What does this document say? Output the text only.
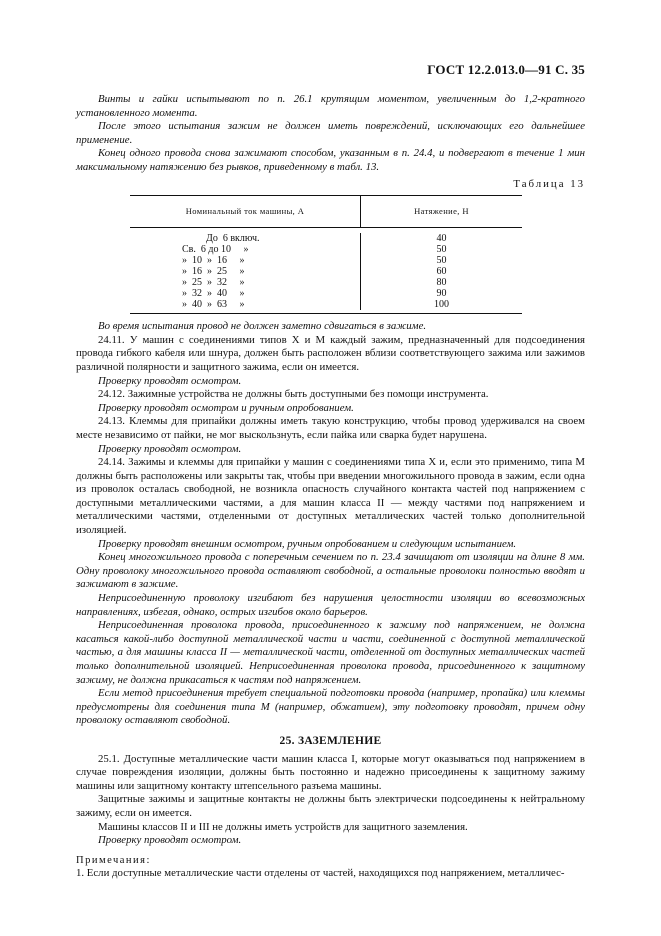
ГОСТ 12.2.013.0—91 С. 35

Винты и гайки испытывают по п. 26.1 крутящим моментом, увеличенным до 1,2-кратного установленного момента.

После этого испытания зажим не должен иметь повреждений, исключающих его дальнейшее применение.

Конец одного провода снова зажимают способом, указанным в п. 24.4, и подвергают в течение 1 мин максимальному натяжению без рывков, приведенному в табл. 13.

Таблица 13
Номинальный ток машины, А	Натяжение, Н
До  6 включ.
Св.  6 до 10     »
»  10  »  16     »
»  16  »  25     »
»  25  »  32     »
»  32  »  40     »
»  40  »  63     »
40
50
50
60
80
90
100

Во время испытания провод не должен заметно сдвигаться в зажиме.

24.11. У машин с соединениями типов X и M каждый зажим, предназначенный для подсоединения провода гибкого кабеля или шнура, должен быть расположен вблизи соответствующего зажима или зажимов различной полярности и защитного зажима, если он имеется.

Проверку проводят осмотром.

24.12. Зажимные устройства не должны быть доступными без помощи инструмента.

Проверку проводят осмотром и ручным опробованием.

24.13. Клеммы для припайки должны иметь такую конструкцию, чтобы провод удерживался на своем месте независимо от пайки, не мог выскользнуть, если пайка или сварка будет нарушена.

Проверку проводят осмотром.

24.14. Зажимы и клеммы для припайки у машин с соединениями типа X и, если это применимо, типа M должны быть расположены или закрыты так, чтобы при введении многожильного провода в зажим, если одна из проволок осталась свободной, не возникла опасность случайного контакта частей под напряжением с доступными металлическими частями, а для машин класса II — между частями под напряжением и металлическими частями, отделенными от доступных металлических частей только дополнительной изоляцией.

Проверку проводят внешним осмотром, ручным опробованием и следующим испытанием.

Конец многожильного провода с поперечным сечением по п. 23.4 зачищают от изоляции на длине 8 мм. Одну проволоку многожильного провода оставляют свободной, а остальные проволоки полностью вводят и зажимают в зажиме.

Неприсоединенную проволоку изгибают без нарушения целостности изоляции во всевозможных направлениях, избегая, однако, острых изгибов около барьеров.

Неприсоединенная проволока провода, присоединенного к зажиму под напряжением, не должна касаться какой-либо доступной металлической части и части, соединенной с доступной металлической частью, а для машины класса II — металлической части, отделенной от доступных металлических частей только дополнительной изоляцией. Неприсоединенная проволока провода, присоединенного к защитному зажиму, не должна прикасаться к частям под напряжением.

Если метод присоединения требует специальной подготовки провода (например, пропайка) или клеммы предусмотрены для соединения типа M (например, обжатием), эту подготовку проводят, причем одну проволоку оставляют свободной.

25. ЗАЗЕМЛЕНИЕ

25.1. Доступные металлические части машин класса I, которые могут оказываться под напряжением в случае повреждения изоляции, должны быть постоянно и надежно присоединены к защитному зажиму машины или защитному контакту штепсельного разъема машины.

Защитные зажимы и защитные контакты не должны быть электрически подсоединены к нейтральному зажиму, если он имеется.

Машины классов II и III не должны иметь устройств для защитного заземления.

Проверку проводят осмотром.

Примечания:

1. Если доступные металлические части отделены от частей, находящихся под напряжением, металличес-
